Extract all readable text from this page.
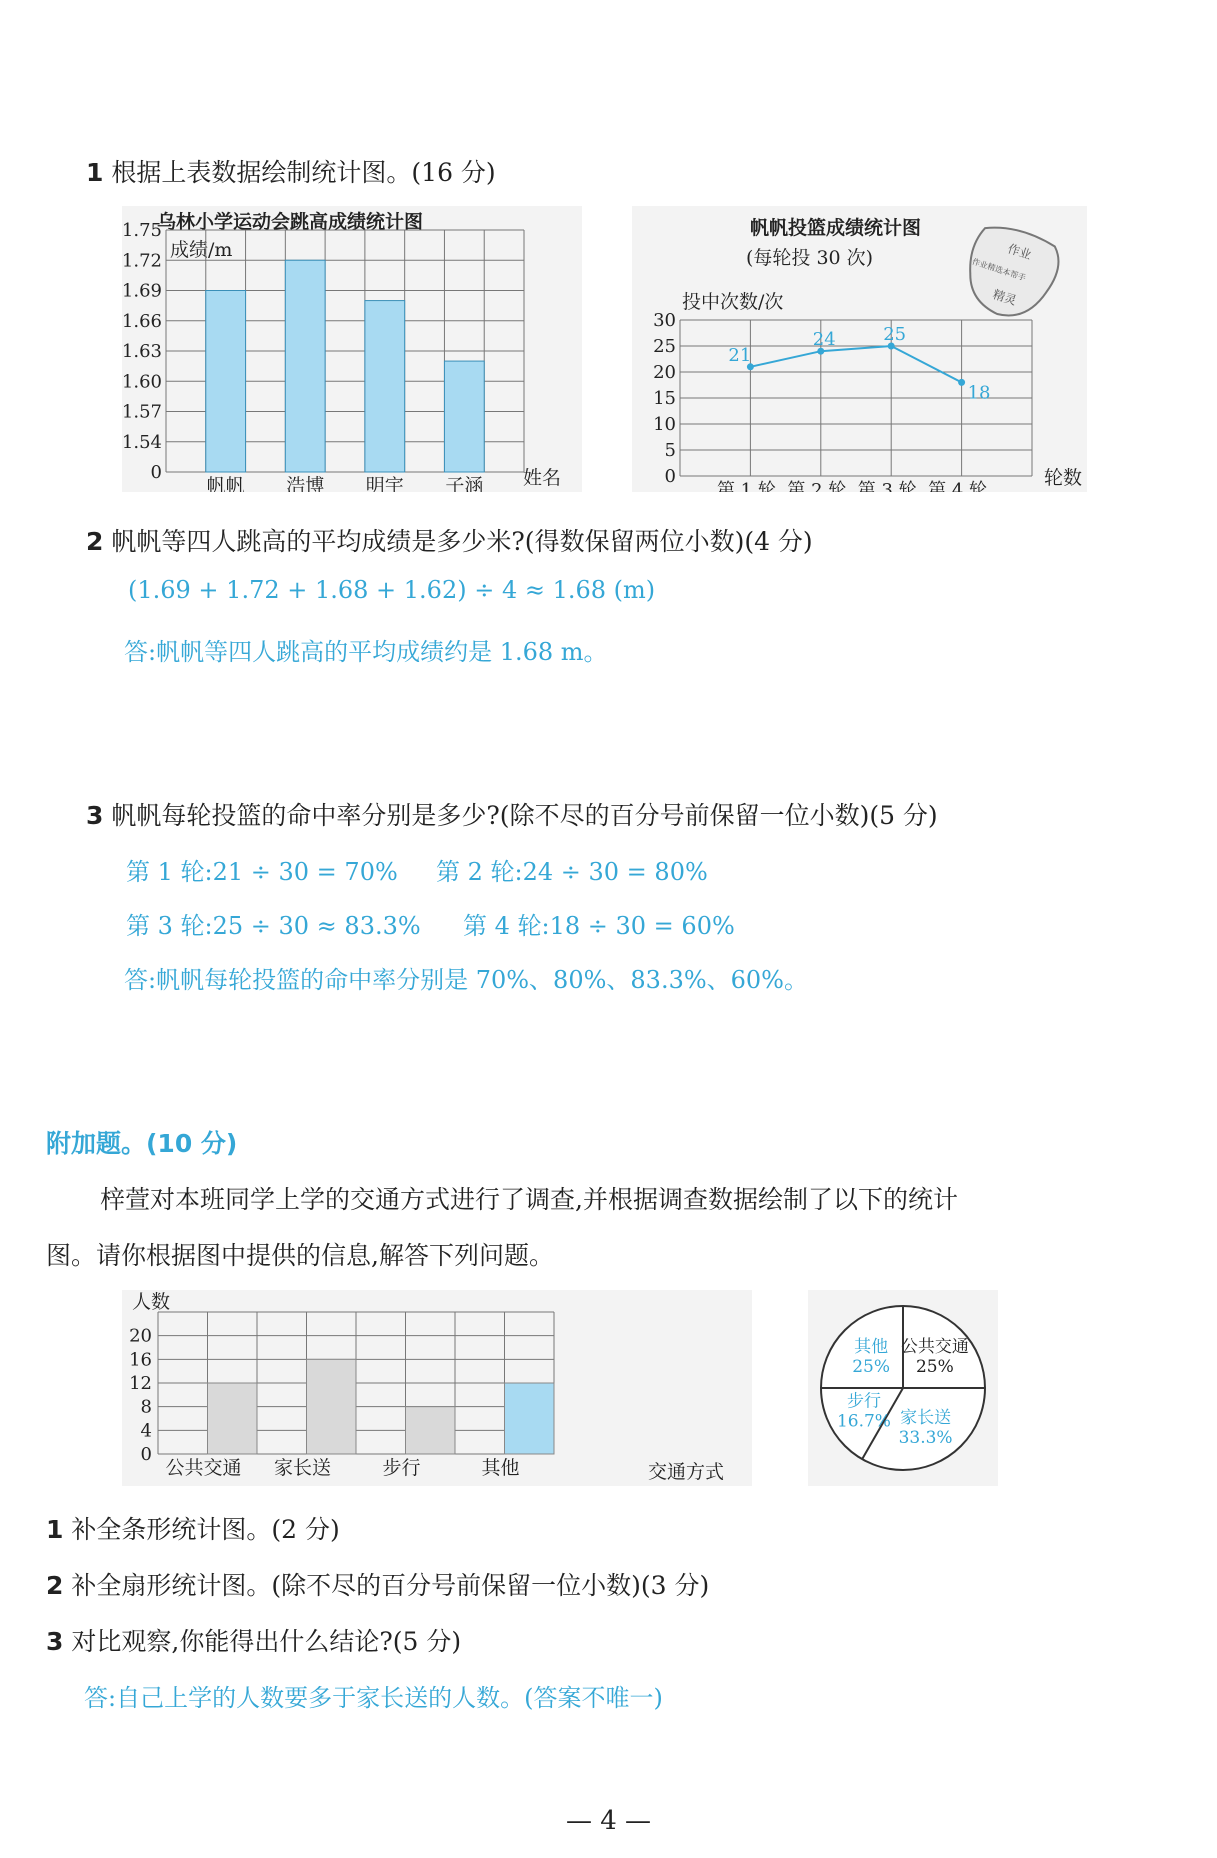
1 根据上表数据绘制统计图。(16 分)
乌林小学运动会跳高成绩统计图
成绩/m
1.75
1.72
1.69
1.66
1.63
1.60
1.57
1.54
0
帆帆 浩博 明宇 子涵 姓名
帆帆投篮成绩统计图
(每轮投 30 次)
投中次数/次
30
25
20
15
10
5
0
21
24	25
18
第 1 轮 第 2 轮 第 3 轮 第 4 轮
轮数
作业
作业精选本帮手
精灵
2 帆帆等四人跳高的平均成绩是多少米?(得数保留两位小数)(4 分)
(1.69 + 1.72 + 1.68 + 1.62) ÷ 4 ≈ 1.68 (m)
答:帆帆等四人跳高的平均成绩约是 1.68 m。
3 帆帆每轮投篮的命中率分别是多少?(除不尽的百分号前保留一位小数)(5 分)
第 1 轮:21 ÷ 30 = 70% 第 2 轮:24 ÷ 30 = 80%
第 3 轮:25 ÷ 30 ≈ 83.3% 第 4 轮:18 ÷ 30 = 60%
答:帆帆每轮投篮的命中率分别是 70%、80%、83.3%、60%。
附加题。(10 分)
梓萱对本班同学上学的交通方式进行了调查,并根据调查数据绘制了以下的统计
图。请你根据图中提供的信息,解答下列问题。
人数
20
16
12
8
4
0
公共交通 家长送	步行	其他	交通方式
公共交通
25%
家长送
33.3%
步行
16.7%
其他
25%
1 补全条形统计图。(2 分)
2 补全扇形统计图。(除不尽的百分号前保留一位小数)(3 分)
3 对比观察,你能得出什么结论?(5 分)
答:自己上学的人数要多于家长送的人数。(答案不唯一)
— 4 —
